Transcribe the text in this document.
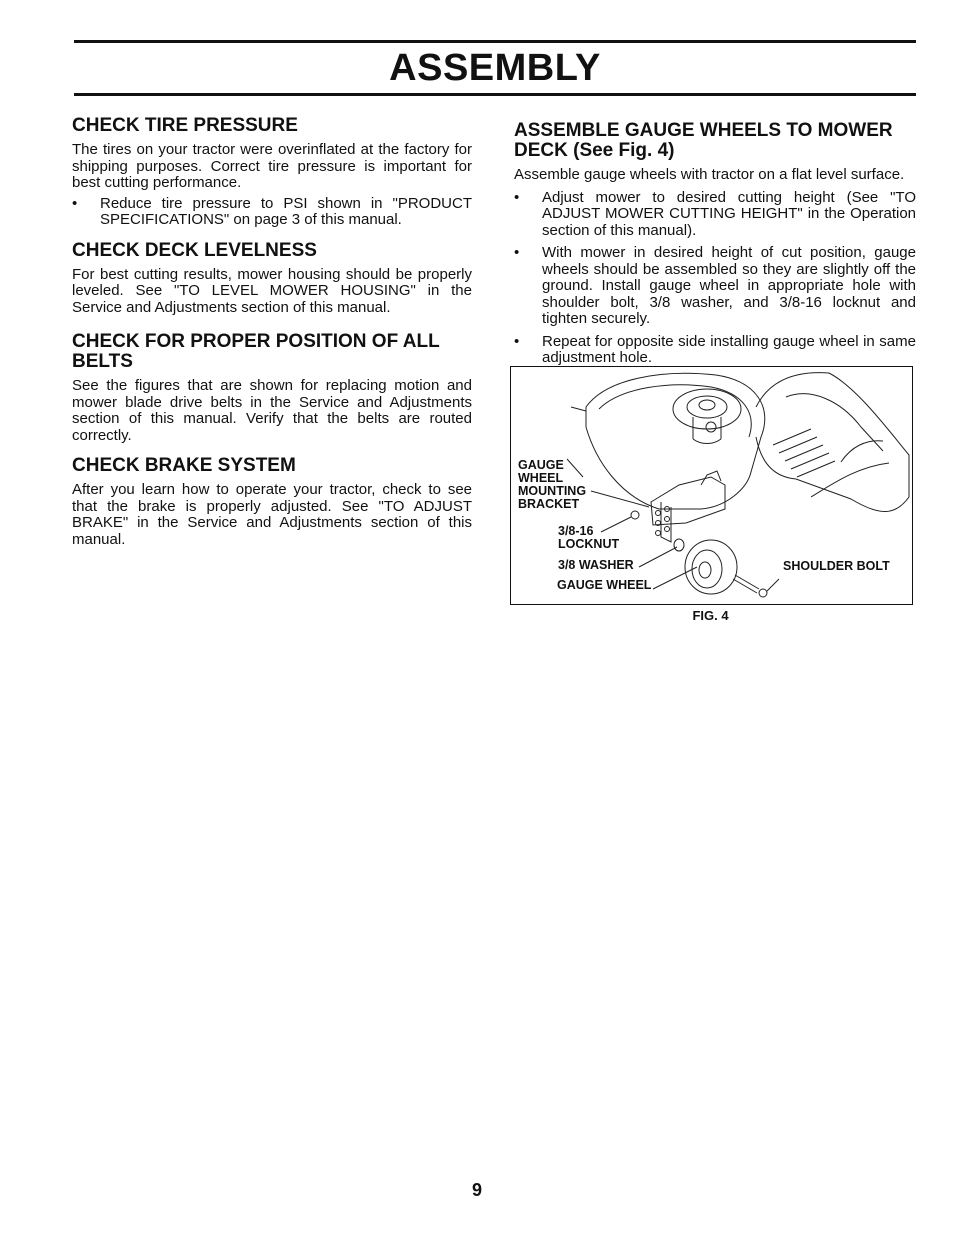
ASSEMBLY
CHECK TIRE PRESSURE

The tires on your tractor were overinflated at the factory for shipping purposes. Correct tire pressure is important for best cutting performance.

•	Reduce tire pressure to PSI shown in "PRODUCT SPECIFICATIONS" on page 3 of this manual.
CHECK DECK LEVELNESS

For best cutting results, mower housing should be properly leveled. See "TO LEVEL MOWER HOUSING" in the Service and Adjustments section of this manual.

CHECK FOR PROPER POSITION OF ALL BELTS

See the figures that are shown for replacing motion and mower blade drive belts in the Service and Adjustments section of this manual. Verify that the belts are routed correctly.

CHECK BRAKE SYSTEM

After you learn how to operate your tractor, check to see that the brake is properly adjusted. See "TO ADJUST BRAKE" in the Service and Adjustments section of this manual.

ASSEMBLE GAUGE WHEELS TO MOWER DECK (See Fig. 4)

Assemble gauge wheels with tractor on a flat level surface.

•	Adjust mower to desired cutting height (See "TO ADJUST MOWER CUTTING HEIGHT" in the Operation section of this manual).
•	With mower in desired height of cut position, gauge wheels should be assembled so they are slightly off the ground. Install gauge wheel in appropriate hole with shoulder bolt, 3/8 washer, and 3/8-16 locknut and tighten securely.
•	Repeat for opposite side installing gauge wheel in same adjustment hole.
GAUGE
WHEEL
MOUNTING
BRACKET
3/8-16
LOCKNUT
3/8 WASHER
GAUGE WHEEL
SHOULDER BOLT
FIG. 4
9
